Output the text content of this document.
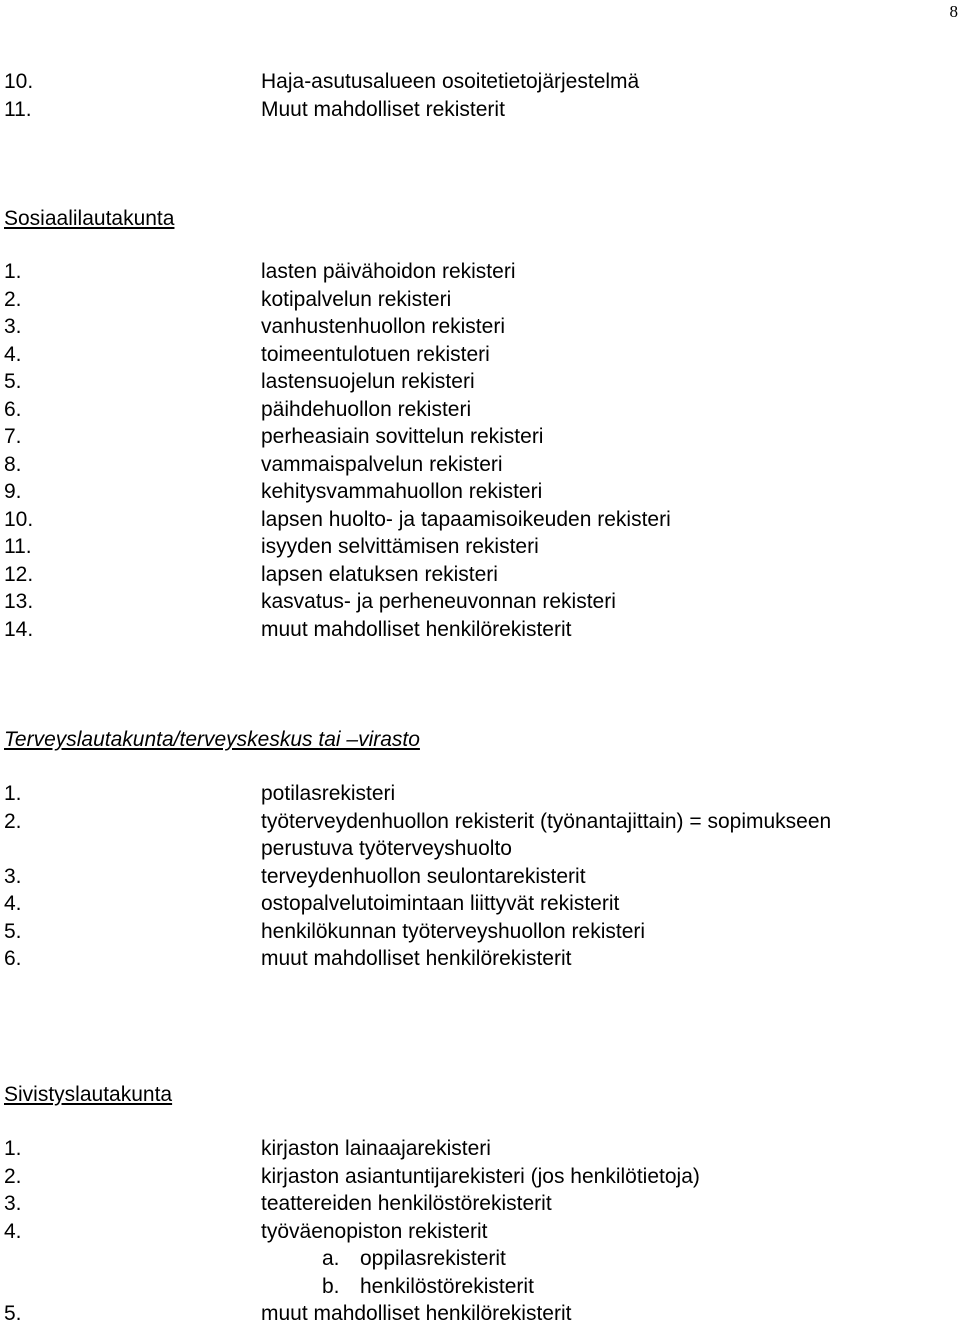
8
10.	Haja-asutusalueen osoitetietojärjestelmä
11.	Muut mahdolliset rekisterit
Sosiaalilautakunta
1.	lasten päivähoidon rekisteri
2.	kotipalvelun rekisteri
3.	vanhustenhuollon rekisteri
4.	toimeentulotuen rekisteri
5.	lastensuojelun rekisteri
6.	päihdehuollon rekisteri
7.	perheasiain sovittelun rekisteri
8.	vammaispalvelun rekisteri
9.	kehitysvammahuollon rekisteri
10.	lapsen huolto- ja tapaamisoikeuden rekisteri
11.	isyyden selvittämisen rekisteri
12.	lapsen elatuksen rekisteri
13.	kasvatus- ja perheneuvonnan rekisteri
14.	muut mahdolliset henkilörekisterit
Terveyslautakunta/terveyskeskus tai –virasto
1.	potilasrekisteri
2.	työterveydenhuollon rekisterit (työnantajittain) = sopimukseen
perustuva työterveyshuolto
3.	terveydenhuollon seulontarekisterit
4.	ostopalvelutoimintaan liittyvät rekisterit
5.	henkilökunnan työterveyshuollon rekisteri
6.	muut mahdolliset henkilörekisterit
Sivistyslautakunta
1.	kirjaston lainaajarekisteri
2.	kirjaston asiantuntijarekisteri (jos henkilötietoja)
3.	teattereiden henkilöstörekisterit
4.	työväenopiston rekisterit
a. oppilasrekisterit
b. henkilöstörekisterit
5.	muut mahdolliset henkilörekisterit
